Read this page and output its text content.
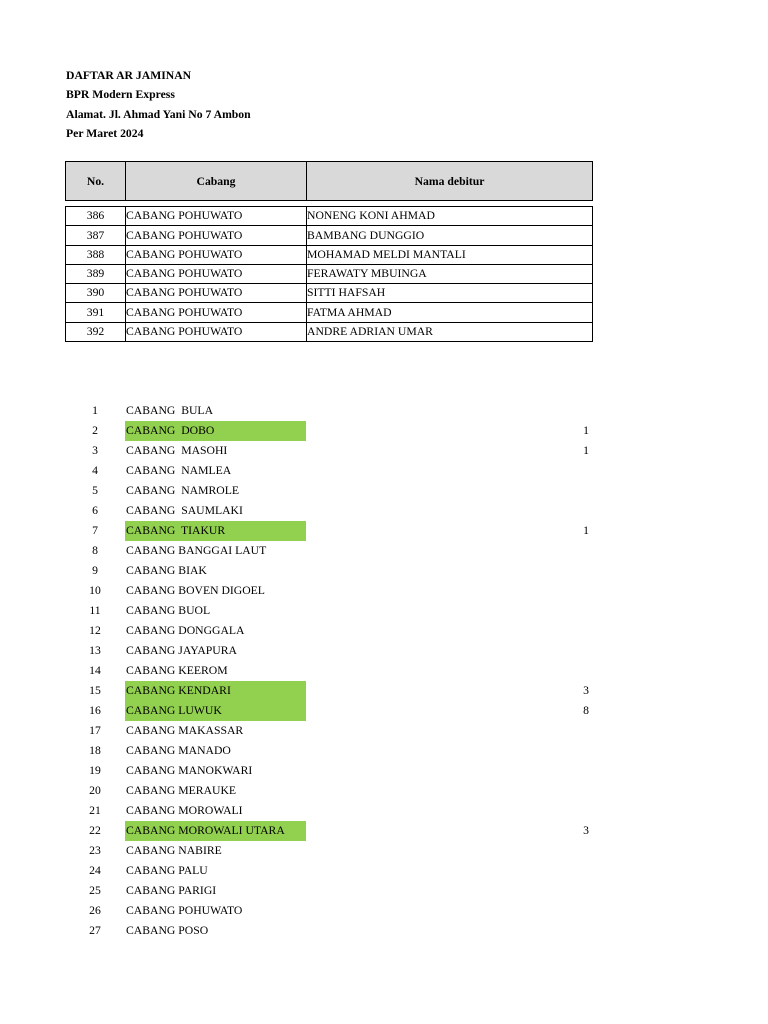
DAFTAR AR JAMINAN
BPR Modern Express
Alamat. Jl. Ahmad Yani No 7 Ambon
Per Maret 2024
No.	Cabang	Nama debitur
386	CABANG POHUWATO	NONENG KONI AHMAD
387	CABANG POHUWATO	BAMBANG DUNGGIO
388	CABANG POHUWATO	MOHAMAD MELDI MANTALI
389	CABANG POHUWATO	FERAWATY MBUINGA
390	CABANG POHUWATO	SITTI HAFSAH
391	CABANG POHUWATO	FATMA AHMAD
392	CABANG POHUWATO	ANDRE ADRIAN UMAR
1	CABANG  BULA
2	CABANG  DOBO	1
3	CABANG  MASOHI	1
4	CABANG  NAMLEA
5	CABANG  NAMROLE
6	CABANG  SAUMLAKI
7	CABANG  TIAKUR	1
8	CABANG BANGGAI LAUT
9	CABANG BIAK
10	CABANG BOVEN DIGOEL
11	CABANG BUOL
12	CABANG DONGGALA
13	CABANG JAYAPURA
14	CABANG KEEROM
15	CABANG KENDARI	3
16	CABANG LUWUK	8
17	CABANG MAKASSAR
18	CABANG MANADO
19	CABANG MANOKWARI
20	CABANG MERAUKE
21	CABANG MOROWALI
22	CABANG MOROWALI UTARA	3
23	CABANG NABIRE
24	CABANG PALU
25	CABANG PARIGI
26	CABANG POHUWATO
27	CABANG POSO
